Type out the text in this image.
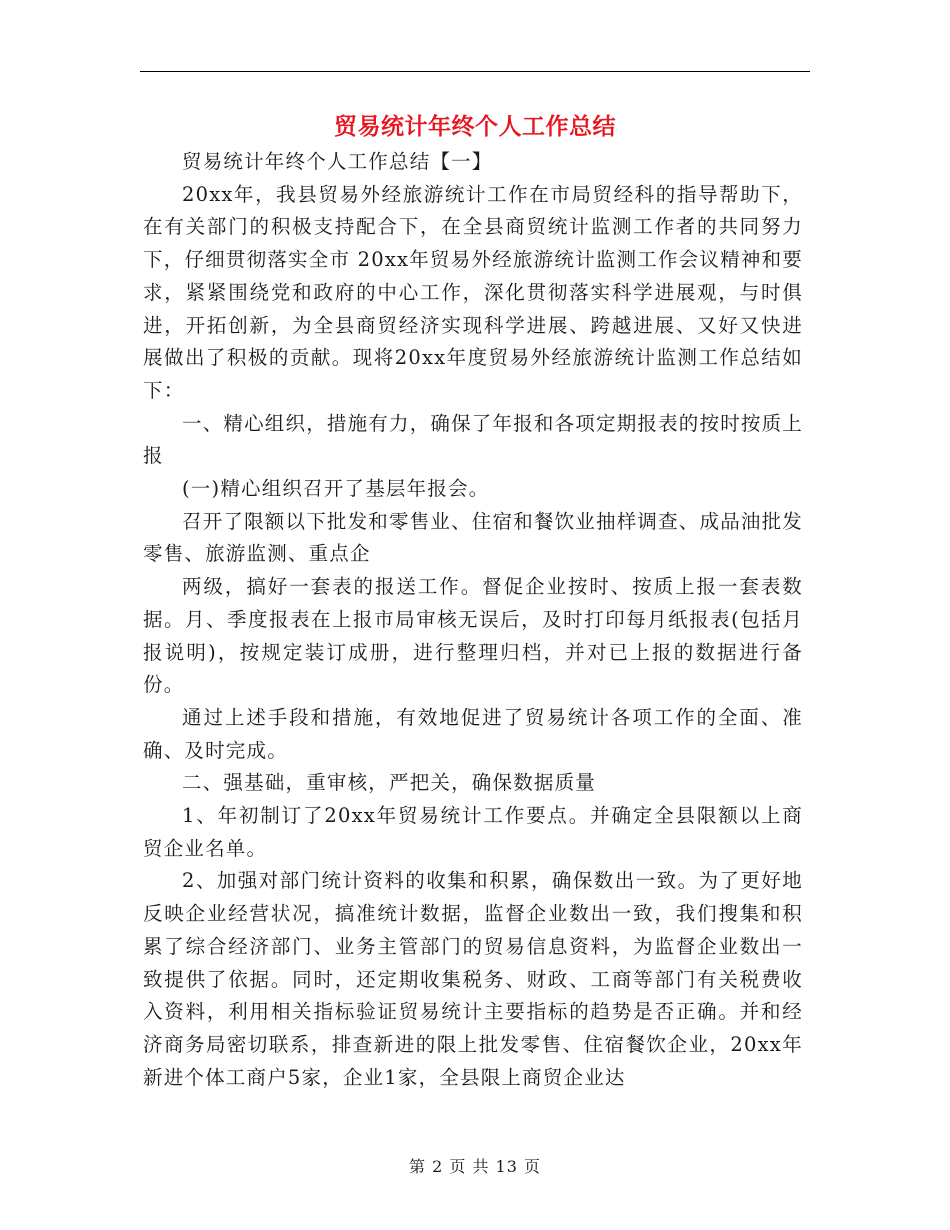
贸易统计年终个人工作总结

贸易统计年终个人工作总结【一】

20xx年，我县贸易外经旅游统计工作在市局贸经科的指导帮助下，在有关部门的积极支持配合下，在全县商贸统计监测工作者的共同努力下，仔细贯彻落实全市 20xx年贸易外经旅游统计监测工作会议精神和要求，紧紧围绕党和政府的中心工作，深化贯彻落实科学进展观，与时俱进，开拓创新，为全县商贸经济实现科学进展、跨越进展、又好又快进展做出了积极的贡献。现将20xx年度贸易外经旅游统计监测工作总结如下：

一、精心组织，措施有力，确保了年报和各项定期报表的按时按质上报

(一)精心组织召开了基层年报会。

召开了限额以下批发和零售业、住宿和餐饮业抽样调查、成品油批发零售、旅游监测、重点企

两级，搞好一套表的报送工作。督促企业按时、按质上报一套表数据。月、季度报表在上报市局审核无误后，及时打印每月纸报表(包括月报说明)，按规定装订成册，进行整理归档，并对已上报的数据进行备份。

通过上述手段和措施，有效地促进了贸易统计各项工作的全面、准确、及时完成。

二、强基础，重审核，严把关，确保数据质量

1、年初制订了20xx年贸易统计工作要点。并确定全县限额以上商贸企业名单。

2、加强对部门统计资料的收集和积累，确保数出一致。为了更好地反映企业经营状况，搞准统计数据，监督企业数出一致，我们搜集和积累了综合经济部门、业务主管部门的贸易信息资料，为监督企业数出一致提供了依据。同时，还定期收集税务、财政、工商等部门有关税费收入资料，利用相关指标验证贸易统计主要指标的趋势是否正确。并和经济商务局密切联系，排查新进的限上批发零售、住宿餐饮企业，20xx年新进个体工商户5家，企业1家，全县限上商贸企业达

第 2 页 共 13 页
